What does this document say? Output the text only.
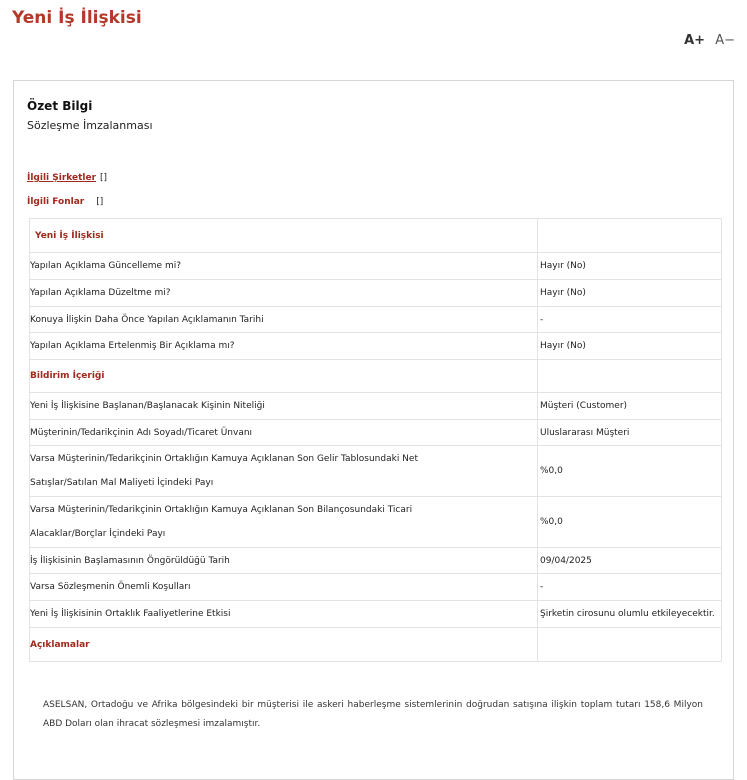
Yeni İş İlişkisi
A+ A−
Özet Bilgi
Sözleşme İmzalanması
İlgili Şirketler []
İlgili Fonlar []
Yeni İş İlişkisi	
Yapılan Açıklama Güncelleme mi?	Hayır (No)
Yapılan Açıklama Düzeltme mi?	Hayır (No)
Konuya İlişkin Daha Önce Yapılan Açıklamanın Tarihi	-
Yapılan Açıklama Ertelenmiş Bir Açıklama mı?	Hayır (No)
Bildirim İçeriği	
Yeni İş İlişkisine Başlanan/Başlanacak Kişinin Niteliği	Müşteri (Customer)
Müşterinin/Tedarikçinin Adı Soyadı/Ticaret Ünvanı	Uluslararası Müşteri
Varsa Müşterinin/Tedarikçinin Ortaklığın Kamuya Açıklanan Son Gelir Tablosundaki Net Satışlar/Satılan Mal Maliyeti İçindeki Payı	%0,0
Varsa Müşterinin/Tedarikçinin Ortaklığın Kamuya Açıklanan Son Bilançosundaki Ticari Alacaklar/Borçlar İçindeki Payı	%0,0
İş İlişkisinin Başlamasının Öngörüldüğü Tarih	09/04/2025
Varsa Sözleşmenin Önemli Koşulları	-
Yeni İş İlişkisinin Ortaklık Faaliyetlerine Etkisi	Şirketin cirosunu olumlu etkileyecektir.
Açıklamalar	
ASELSAN, Ortadoğu ve Afrika bölgesindeki bir müşterisi ile askeri haberleşme sistemlerinin doğrudan satışına ilişkin toplam tutarı 158,6 Milyon ABD Doları olan ihracat sözleşmesi imzalamıştır.
